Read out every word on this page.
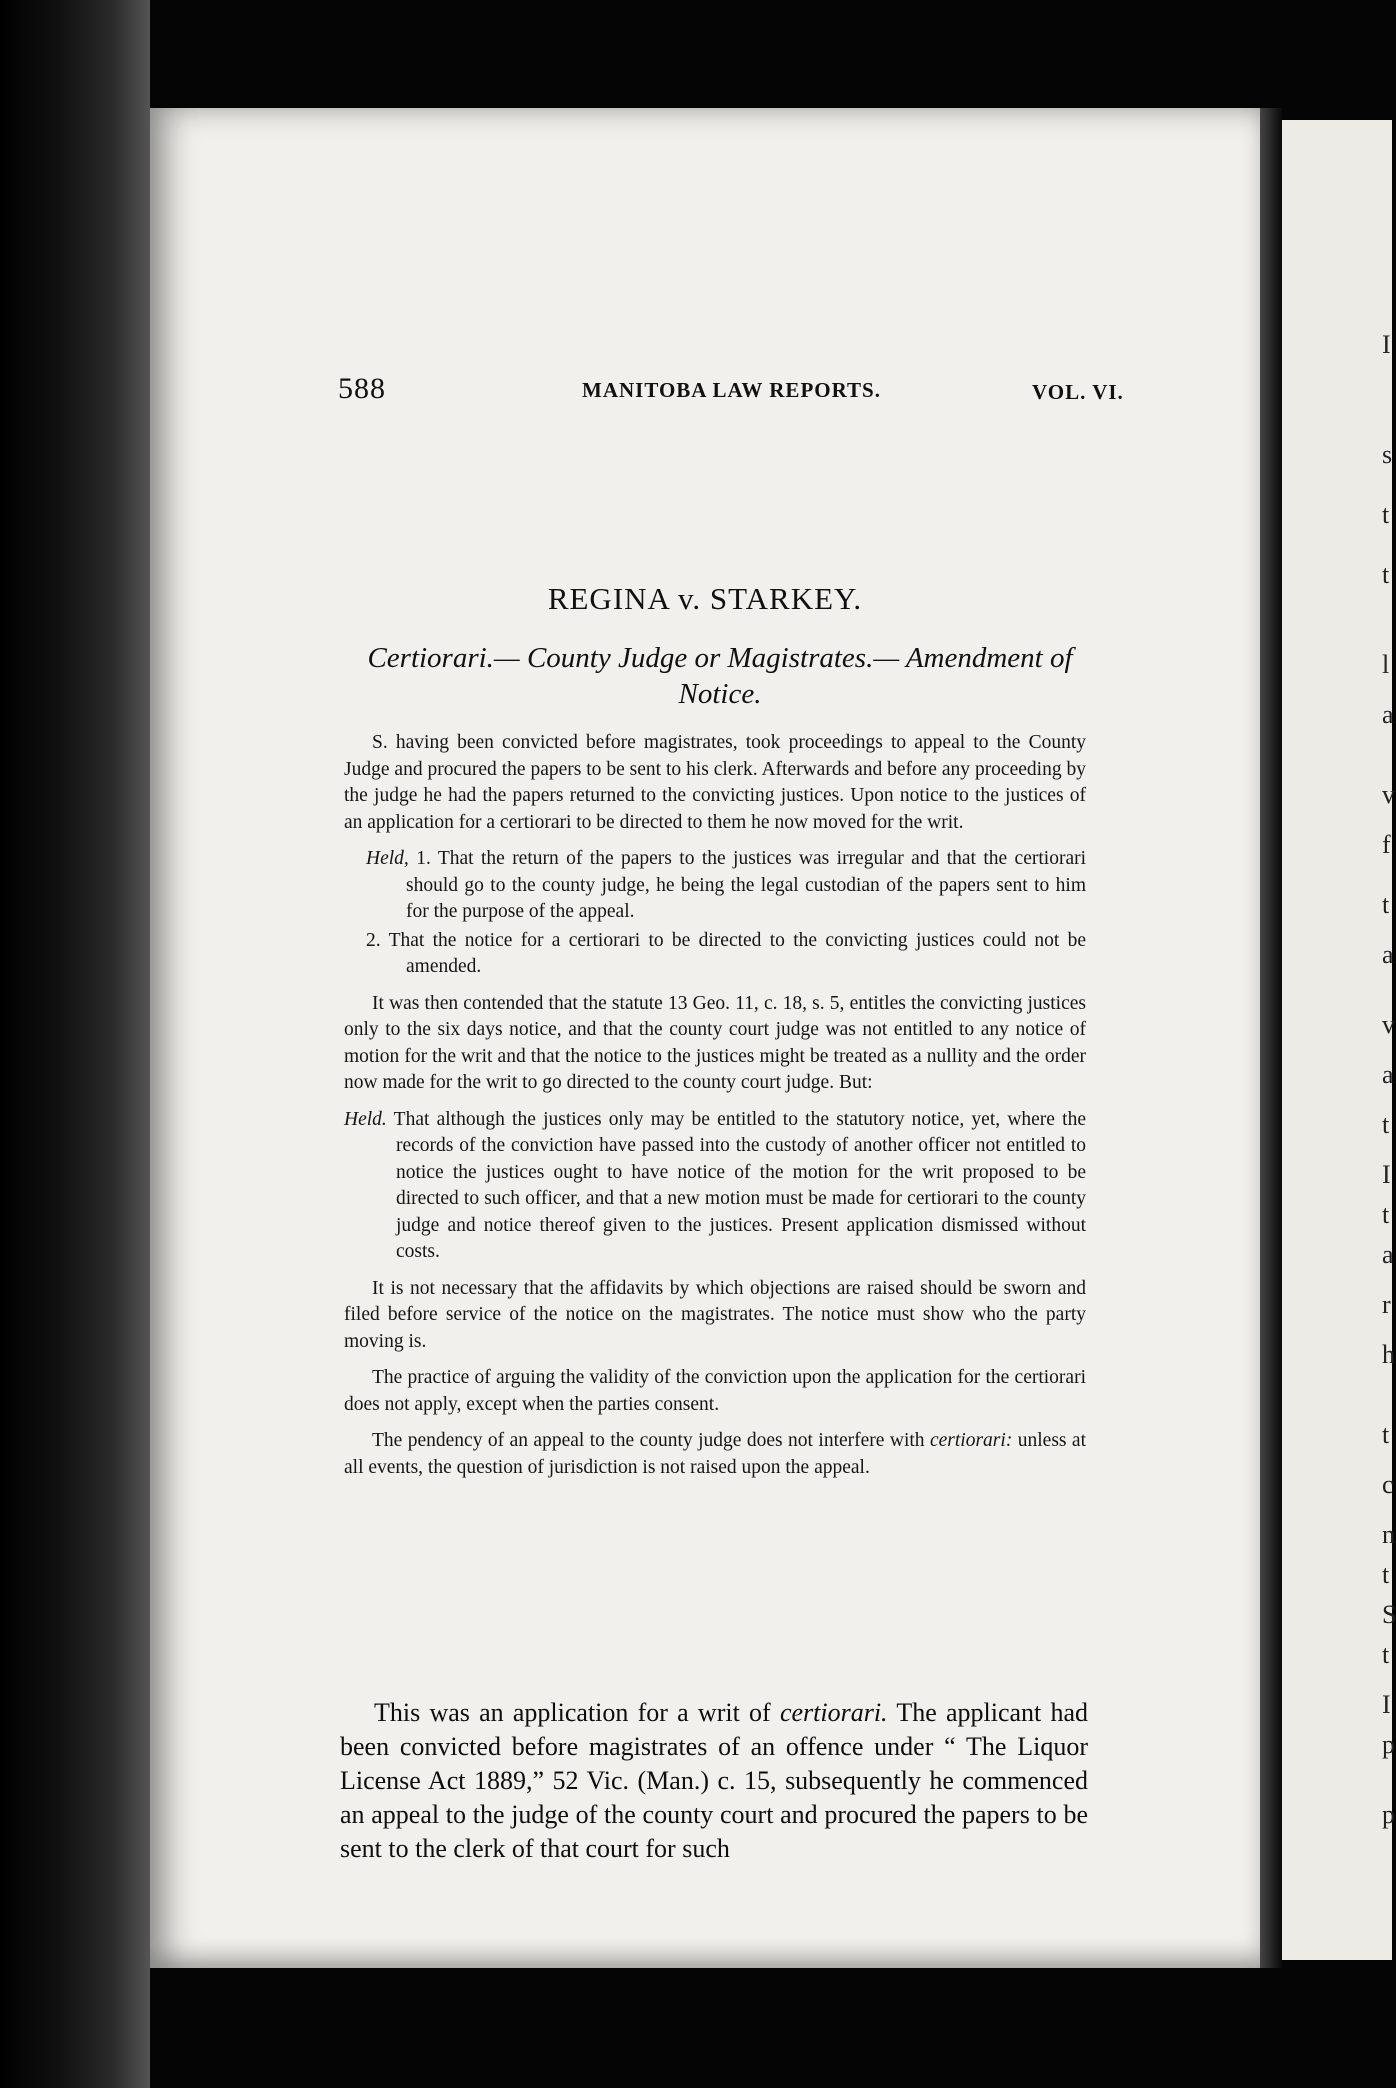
588	MANITOBA LAW REPORTS.	VOL. VI.
REGINA v. STARKEY.
Certiorari.— County Judge or Magistrates.— Amendment of Notice.

S. having been convicted before magistrates, took proceedings to appeal to the County Judge and procured the papers to be sent to his clerk. Afterwards and before any proceeding by the judge he had the papers returned to the convicting justices. Upon notice to the justices of an application for a certiorari to be directed to them he now moved for the writ.

Held, 1. That the return of the papers to the justices was irregular and that the certiorari should go to the county judge, he being the legal custodian of the papers sent to him for the purpose of the appeal.
2. That the notice for a certiorari to be directed to the convicting justices could not be amended.

It was then contended that the statute 13 Geo. 11, c. 18, s. 5, entitles the convicting justices only to the six days notice, and that the county court judge was not entitled to any notice of motion for the writ and that the notice to the justices might be treated as a nullity and the order now made for the writ to go directed to the county court judge. But:

Held. That although the justices only may be entitled to the statutory notice, yet, where the records of the conviction have passed into the custody of another officer not entitled to notice the justices ought to have notice of the motion for the writ proposed to be directed to such officer, and that a new motion must be made for certiorari to the county judge and notice thereof given to the justices. Present application dismissed without costs.

It is not necessary that the affidavits by which objections are raised should be sworn and filed before service of the notice on the magistrates. The notice must show who the party moving is.

The practice of arguing the validity of the conviction upon the application for the certiorari does not apply, except when the parties consent.

The pendency of an appeal to the county judge does not interfere with certiorari: unless at all events, the question of jurisdiction is not raised upon the appeal.

This was an application for a writ of certiorari. The applicant had been convicted before magistrates of an offence under “ The Liquor License Act 1889,” 52 Vic. (Man.) c. 15, subsequently he commenced an appeal to the judge of the county court and procured the papers to be sent to the clerk of that court for such

I
s
t
t
l
a
v
f
t
a
v
a
t
I
t
a
r
h
t
c
n
t
S
t
I
p
p
